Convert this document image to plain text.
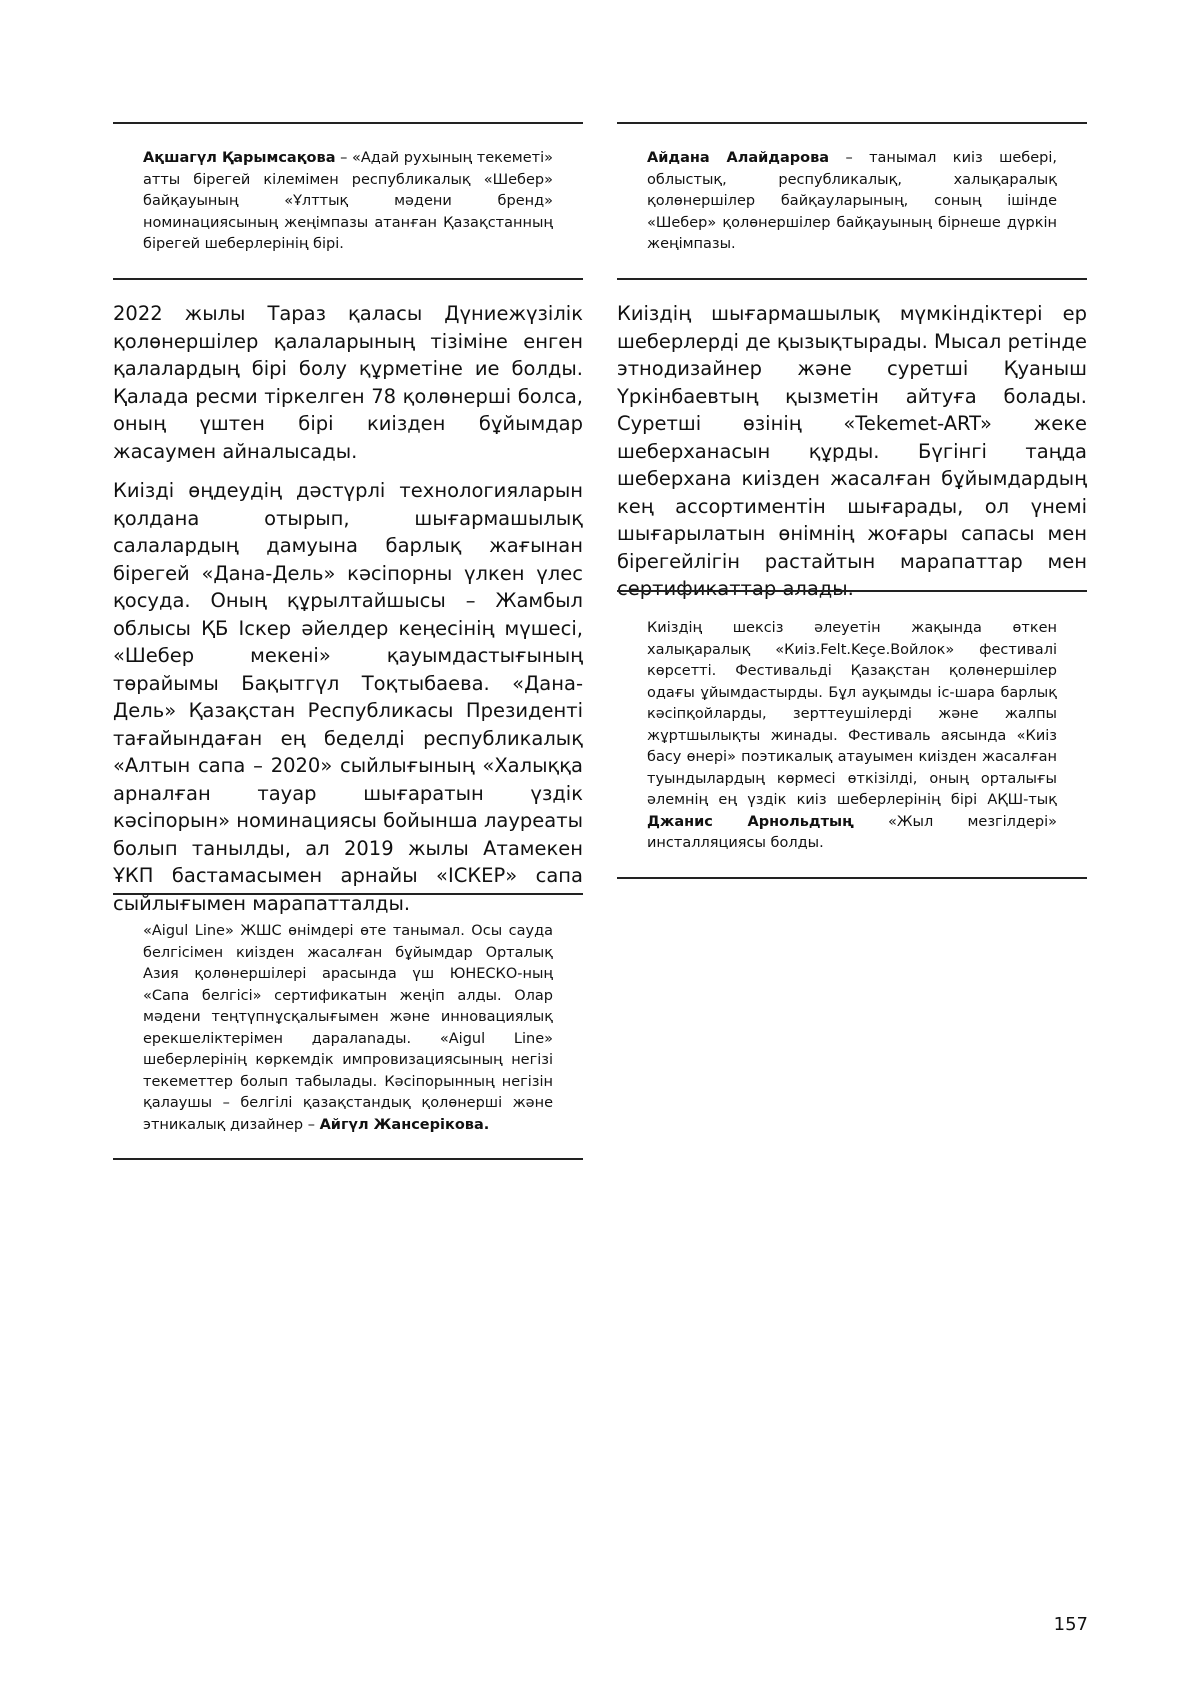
Ақшагүл Қарымсақова – «Адай рухының текеметі» атты бірегей кілемімен республикалық «Шебер» байқауының «Ұлттық мәдени бренд» номинациясының жеңімпазы атанған Қазақстанның бірегей шеберлерінің бірі.

2022 жылы Тараз қаласы Дүниежүзілік қолөнершілер қалаларының тізіміне енген қалалардың бірі болу құрметіне ие болды. Қалада ресми тіркелген 78 қолөнерші болса, оның үштен бірі киізден бұйымдар жасаумен айналысады.

Киізді өңдеудің дәстүрлі технологияларын қолдана отырып, шығармашылық салалардың дамуына барлық жағынан бірегей «Дана-Дель» кәсіпорны үлкен үлес қосуда. Оның құрылтайшысы – Жамбыл облысы ҚБ Іскер әйелдер кеңесінің мүшесі, «Шебер мекені» қауымдастығының төрайымы Бақытгүл Тоқтыбаева. «Дана-Дель» Қазақстан Республикасы Президенті тағайындаған ең беделді республикалық «Алтын сапа – 2020» сыйлығының «Халыққа арналған тауар шығаратын үздік кәсіпорын» номинациясы бойынша лауреаты болып танылды, ал 2019 жылы Атамекен ҰКП бастамасымен арнайы «ІСКЕР» сапа сыйлығымен марапатталды.

«Aigul Line» ЖШС өнімдері өте танымал. Осы сауда белгісімен киізден жасалған бұйымдар Орталық Азия қолөнершілері арасында үш ЮНЕСКО-ның «Сапа белгісі» сертификатын жеңіп алды. Олар мәдени теңтүпнұсқалығымен және инновациялық ерекшеліктерімен даралanады. «Aigul Line» шеберлерінің көркемдік импровизациясының негізі текеметтер болып табылады. Кәсіпорынның негізін қалаушы – белгілі қазақстандық қолөнерші және этникалық дизайнер – Айгүл Жансерікова.
Айдана Алайдарова – танымал киіз шебері, облыстық, республикалық, халықаралық қолөнершілер байқауларының, соның ішінде «Шебер» қолөнершілер байқауының бірнеше дүркін жеңімпазы.

Киіздің шығармашылық мүмкіндіктері ер шеберлерді де қызықтырады. Мысал ретінде этнодизайнер және суретші Қуаныш Үркінбаевтың қызметін айтуға болады. Суретші өзінің «Tekemet-ART» жеке шеберханасын құрды. Бүгінгі таңда шеберхана киізден жасалған бұйымдардың кең ассортиментін шығарады, ол үнемі шығарылатын өнімнің жоғары сапасы мен бірегейлігін растайтын марапаттар мен сертификаттар алады.

Киіздің шексіз әлеуетін жақында өткен халықаралық «Киіз.Felt.Keçe.Войлок» фестивалі көрсетті. Фестивальді Қазақстан қолөнершілер одағы ұйымдастырды. Бұл ауқымды іс-шара барлық кәсіпқойларды, зерттеушілерді және жалпы жұртшылықты жинады. Фестиваль аясында «Киіз басу өнері» поэтикалық атауымен киізден жасалған туындылардың көрмесі өткізілді, оның орталығы әлемнің ең үздік киіз шеберлерінің бірі АҚШ-тық Джанис Арнольдтың «Жыл мезгілдері» инсталляциясы болды.
157
